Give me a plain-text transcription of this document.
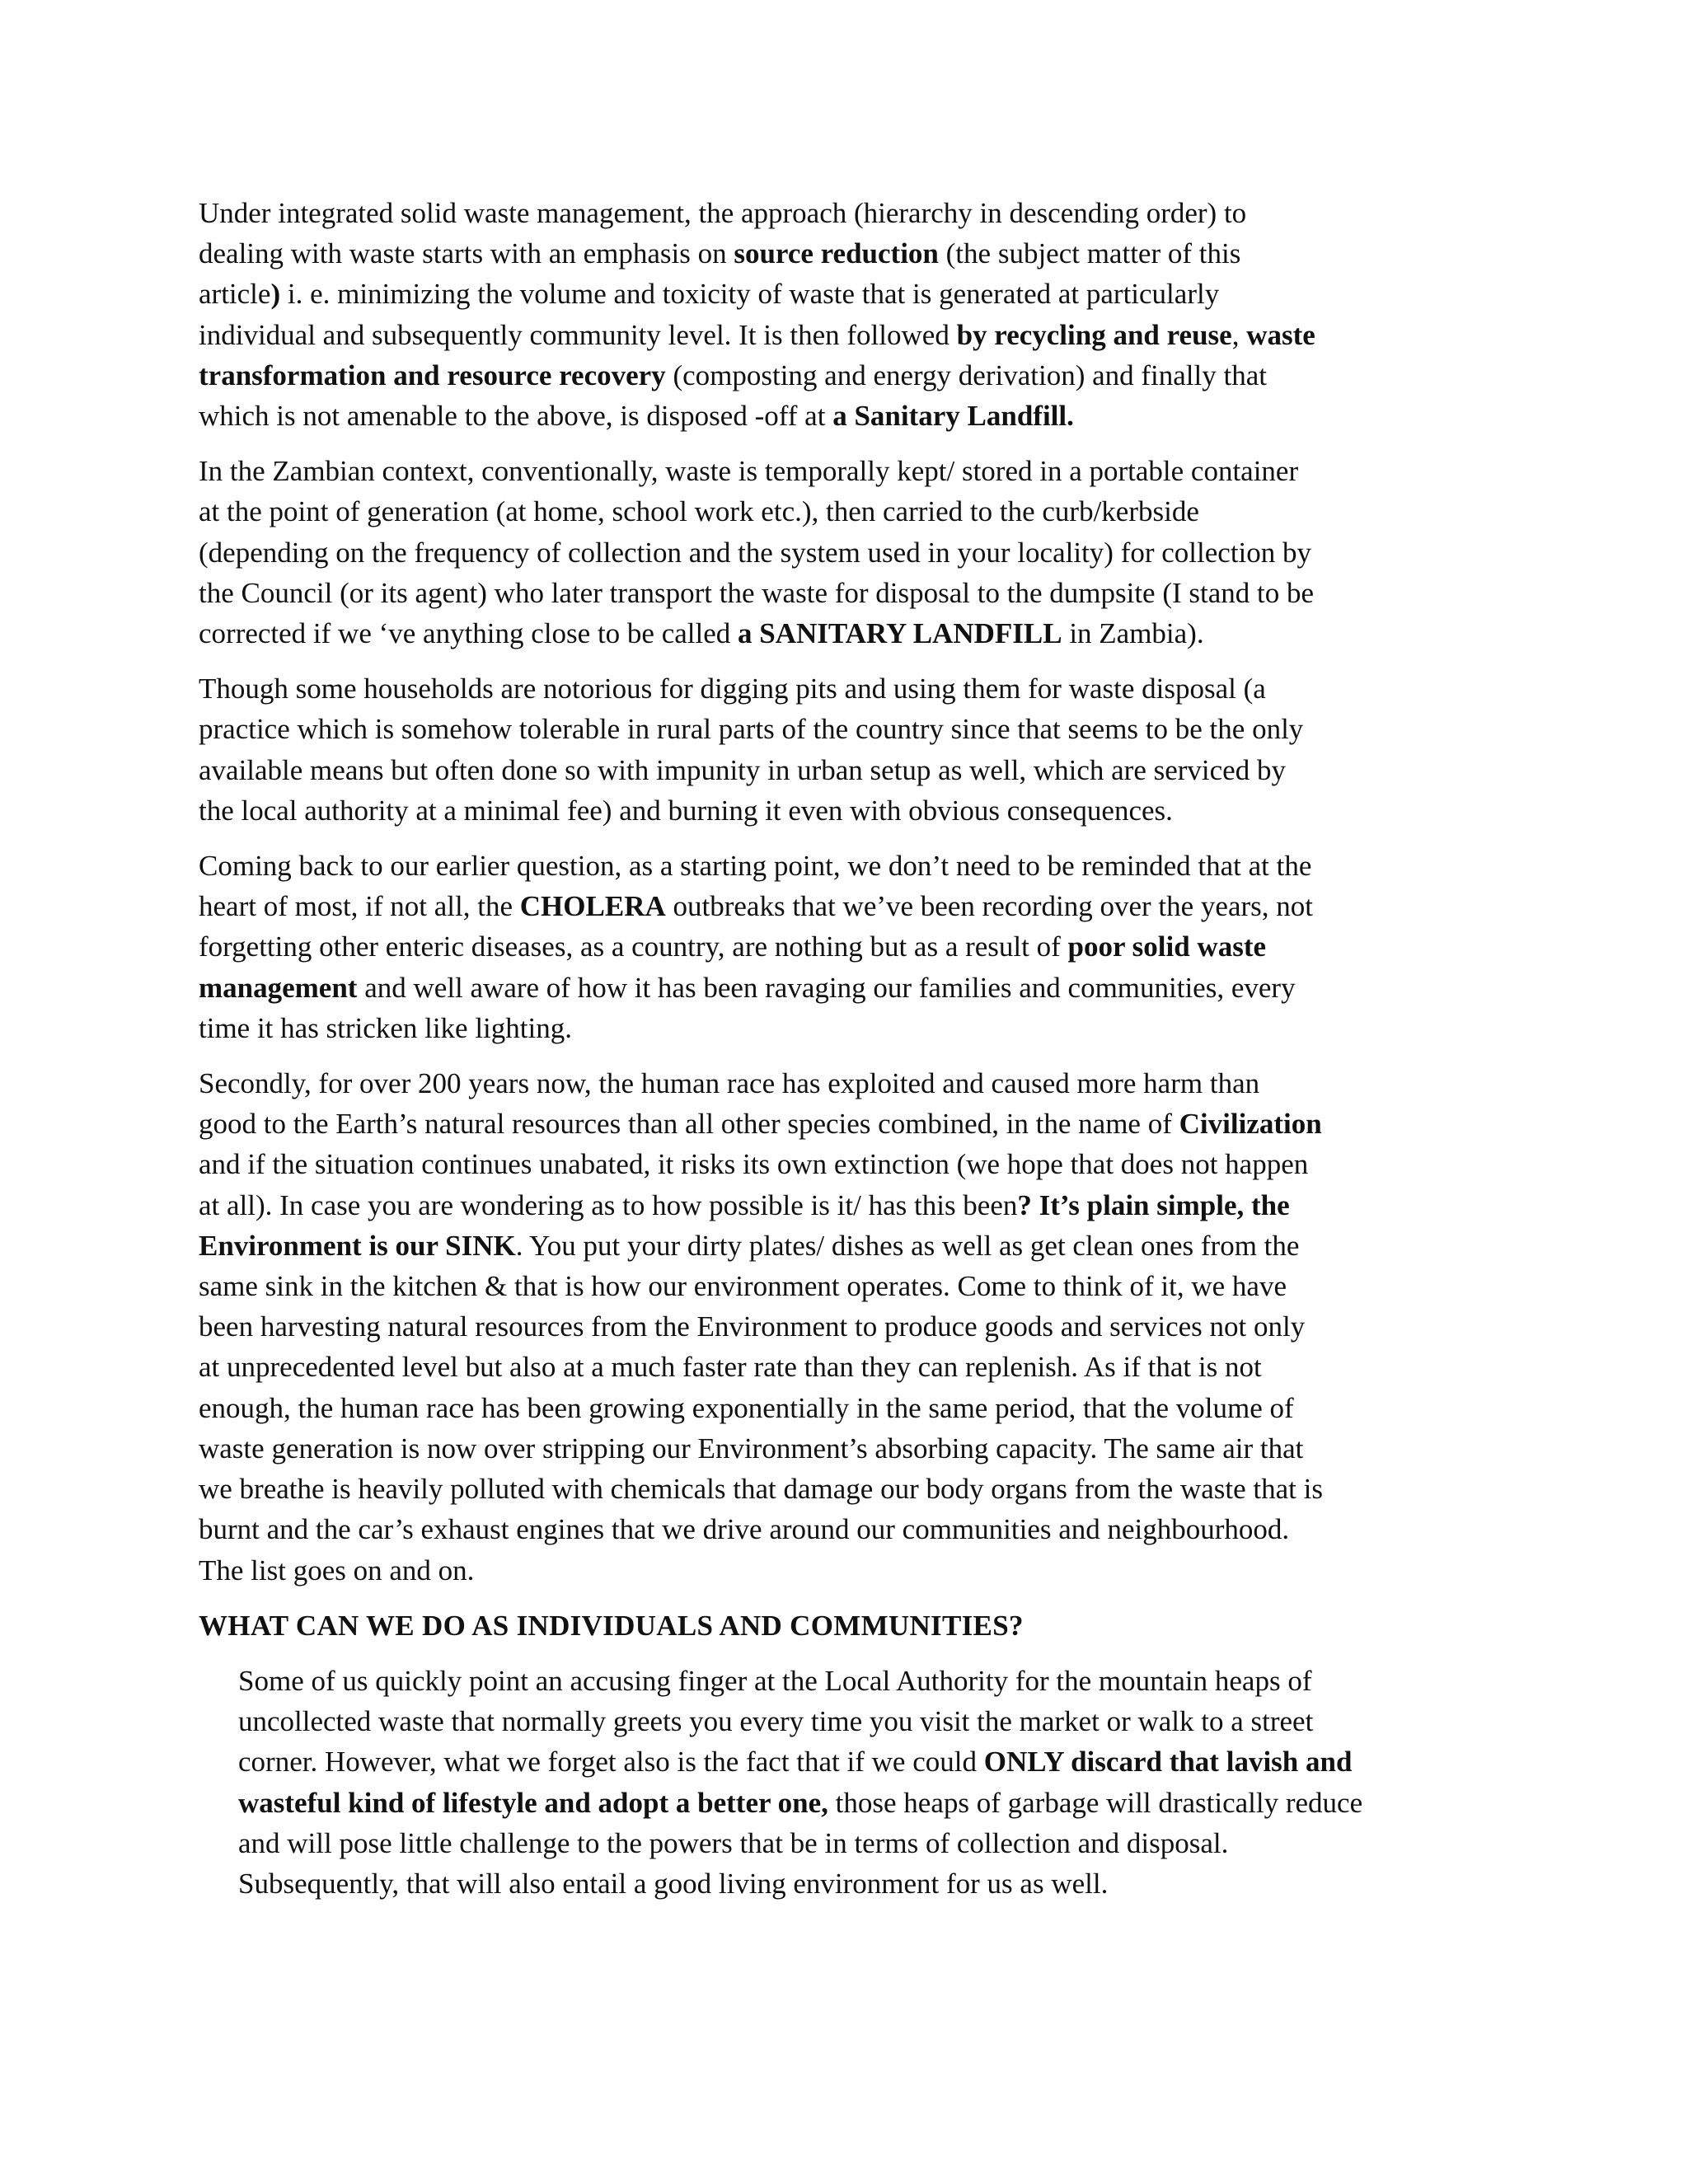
Under integrated solid waste management, the approach (hierarchy in descending order) to
dealing with waste starts with an emphasis on source reduction (the subject matter of this
article) i. e. minimizing the volume and toxicity of waste that is generated at particularly
individual and subsequently community level. It is then followed by recycling and reuse, waste
transformation and resource recovery (composting and energy derivation) and finally that
which is not amenable to the above, is disposed -off at a Sanitary Landfill.
In the Zambian context, conventionally, waste is temporally kept/ stored in a portable container
at the point of generation (at home, school work etc.), then carried to the curb/kerbside
(depending on the frequency of collection and the system used in your locality) for collection by
the Council (or its agent) who later transport the waste for disposal to the dumpsite (I stand to be
corrected if we ‘ve anything close to be called a SANITARY LANDFILL in Zambia).
Though some households are notorious for digging pits and using them for waste disposal (a
practice which is somehow tolerable in rural parts of the country since that seems to be the only
available means but often done so with impunity in urban setup as well, which are serviced by
the local authority at a minimal fee) and burning it even with obvious consequences.
Coming back to our earlier question, as a starting point, we don’t need to be reminded that at the
heart of most, if not all, the CHOLERA outbreaks that we’ve been recording over the years, not
forgetting other enteric diseases, as a country, are nothing but as a result of poor solid waste
management and well aware of how it has been ravaging our families and communities, every
time it has stricken like lighting.
Secondly, for over 200 years now, the human race has exploited and caused more harm than
good to the Earth’s natural resources than all other species combined, in the name of Civilization
and if the situation continues unabated, it risks its own extinction (we hope that does not happen
at all). In case you are wondering as to how possible is it/ has this been? It’s plain simple, the
Environment is our SINK. You put your dirty plates/ dishes as well as get clean ones from the
same sink in the kitchen & that is how our environment operates. Come to think of it, we have
been harvesting natural resources from the Environment to produce goods and services not only
at unprecedented level but also at a much faster rate than they can replenish. As if that is not
enough, the human race has been growing exponentially in the same period, that the volume of
waste generation is now over stripping our Environment’s absorbing capacity. The same air that
we breathe is heavily polluted with chemicals that damage our body organs from the waste that is
burnt and the car’s exhaust engines that we drive around our communities and neighbourhood.
The list goes on and on.
WHAT CAN WE DO AS INDIVIDUALS AND COMMUNITIES?
Some of us quickly point an accusing finger at the Local Authority for the mountain heaps of
uncollected waste that normally greets you every time you visit the market or walk to a street
corner. However, what we forget also is the fact that if we could ONLY discard that lavish and
wasteful kind of lifestyle and adopt a better one, those heaps of garbage will drastically reduce
and will pose little challenge to the powers that be in terms of collection and disposal.
Subsequently, that will also entail a good living environment for us as well.
